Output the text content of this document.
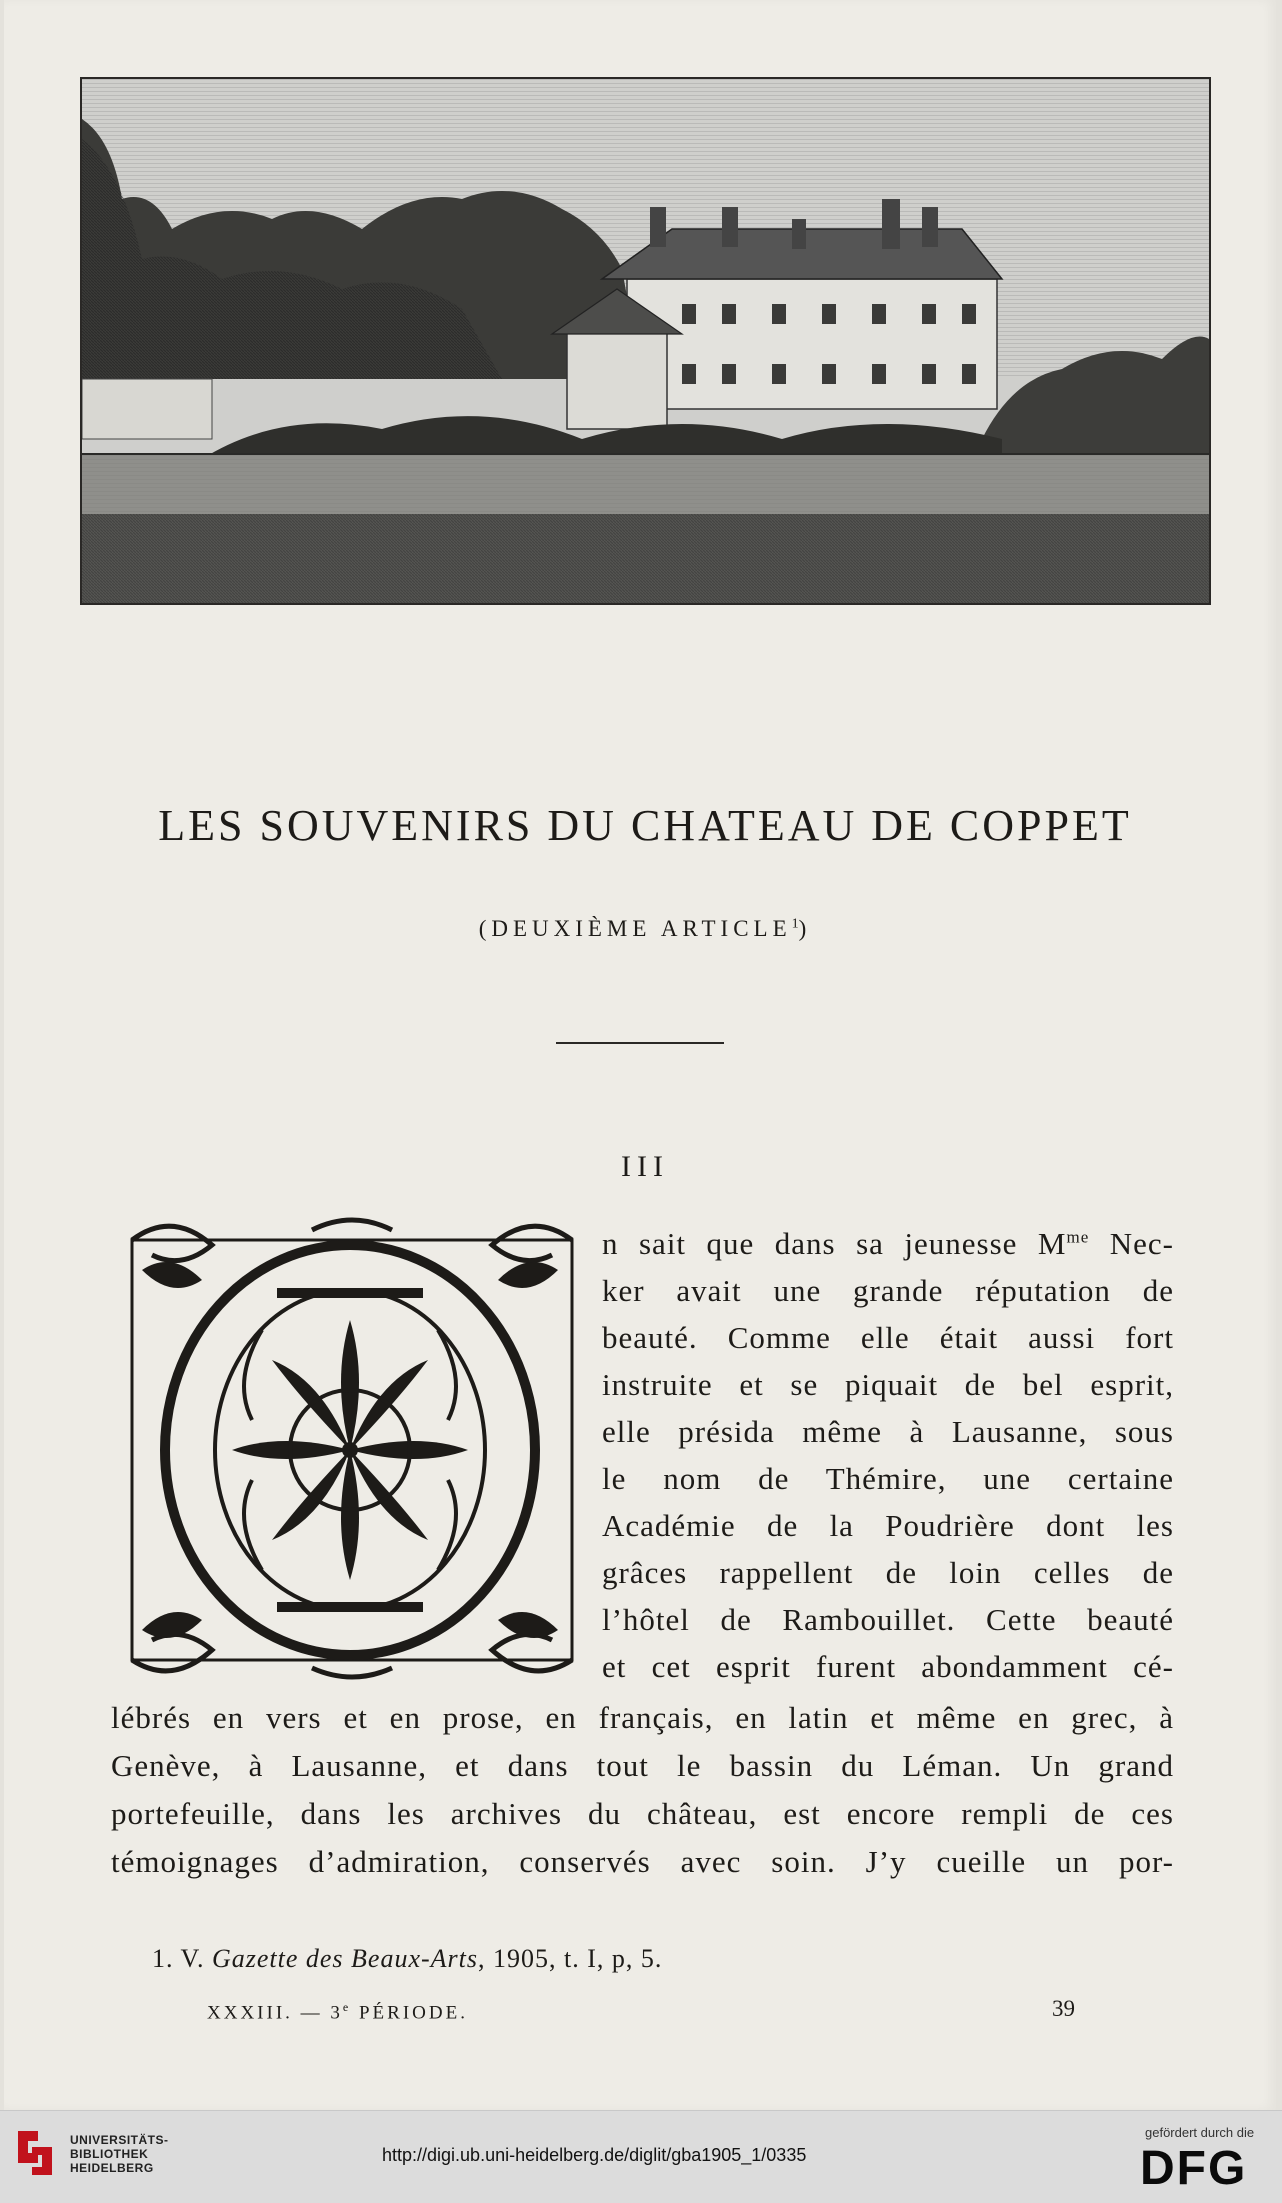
LES SOUVENIRS DU CHATEAU DE COPPET
(DEUXIÈME ARTICLE$^1$)
III
n sait que dans sa jeunesse $M^{me}$ Nec-
ker avait une grande réputation de
beauté. Comme elle était aussi fort
instruite et se piquait de bel esprit,
elle présida même à Lausanne, sous
le nom de Thémire, une certaine
Académie de la Poudrière dont les
grâces rappellent de loin celles de
l’hôtel de Rambouillet. Cette beauté
et cet esprit furent abondamment cé-
lébrés en vers et en prose, en français, en latin et même en grec, à
Genève, à Lausanne, et dans tout le bassin du Léman. Un grand
portefeuille, dans les archives du château, est encore rempli de ces
témoignages d’admiration, conservés avec soin. J’y cueille un por-
1. V. Gazette des Beaux-Arts, 1905, t. I, p, 5.
XXXIII. — 3e PÉRIODE.	39
UNIVERSITÄTS-
BIBLIOTHEK
HEIDELBERG
http://digi.ub.uni-heidelberg.de/diglit/gba1905_1/0335
gefördert durch die
DFG
